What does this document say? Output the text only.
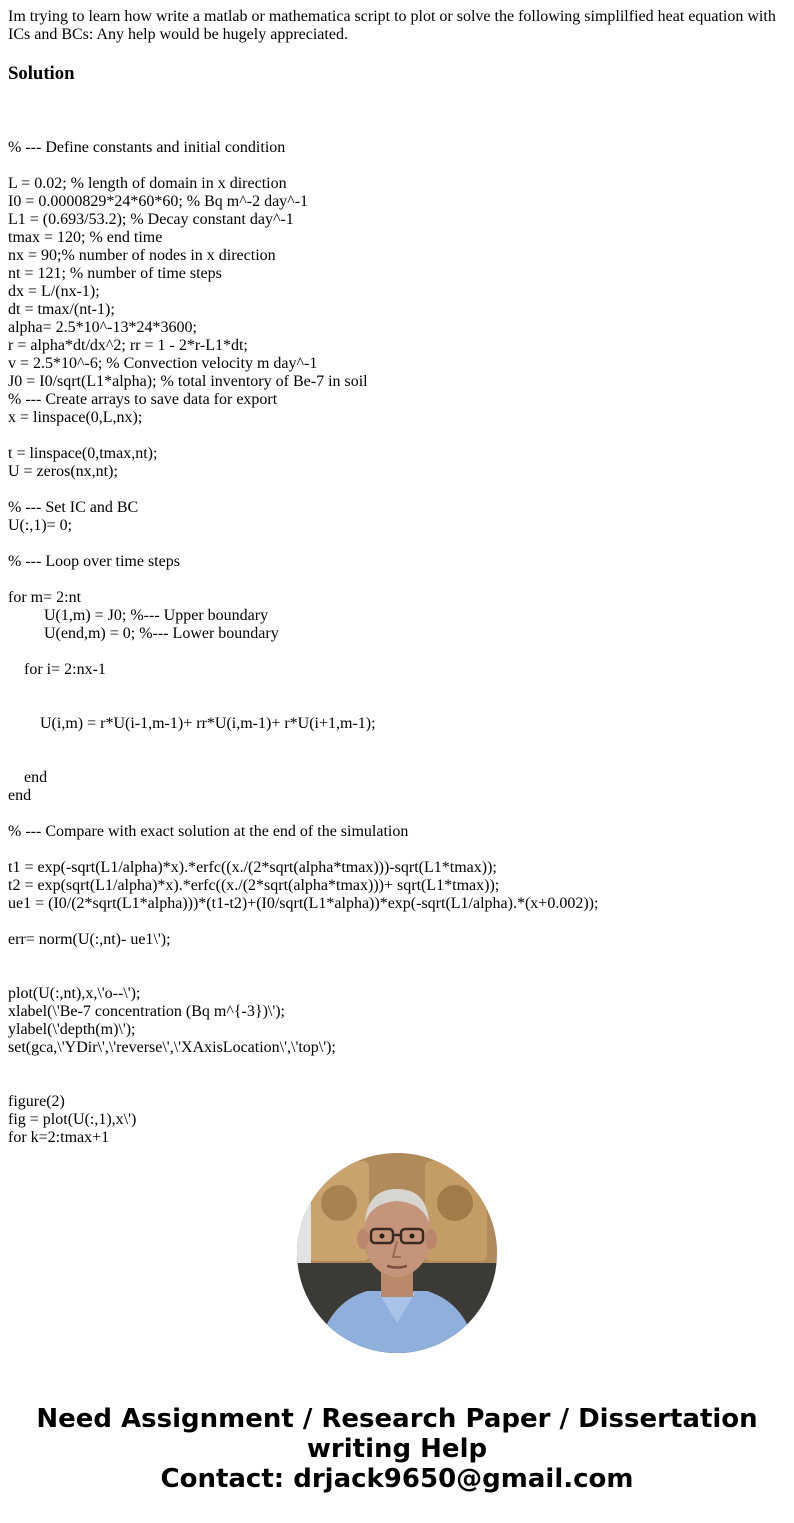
Im trying to learn how write a matlab or mathematica script to plot or solve the following simplilfied heat equation with ICs and BCs: Any help would be hugely appreciated.

Solution
% --- Define constants and initial condition
L = 0.02; % length of domain in x direction
I0 = 0.0000829*24*60*60; % Bq m^-2 day^-1
L1 = (0.693/53.2); % Decay constant day^-1
tmax = 120; % end time
nx = 90;% number of nodes in x direction
nt = 121; % number of time steps
dx = L/(nx-1);
dt = tmax/(nt-1);
alpha= 2.5*10^-13*24*3600;
r = alpha*dt/dx^2; rr = 1 - 2*r-L1*dt;
v = 2.5*10^-6; % Convection velocity m day^-1
J0 = I0/sqrt(L1*alpha); % total inventory of Be-7 in soil
% --- Create arrays to save data for export
x = linspace(0,L,nx);
t = linspace(0,tmax,nt);
U = zeros(nx,nt);
% --- Set IC and BC
U(:,1)= 0;
% --- Loop over time steps
for m= 2:nt
U(1,m) = J0; %--- Upper boundary
U(end,m) = 0; %--- Lower boundary
for i= 2:nx-1
U(i,m) = r*U(i-1,m-1)+ rr*U(i,m-1)+ r*U(i+1,m-1);
end
end
% --- Compare with exact solution at the end of the simulation
t1 = exp(-sqrt(L1/alpha)*x).*erfc((x./(2*sqrt(alpha*tmax)))-sqrt(L1*tmax));
t2 = exp(sqrt(L1/alpha)*x).*erfc((x./(2*sqrt(alpha*tmax)))+ sqrt(L1*tmax));
ue1 = (I0/(2*sqrt(L1*alpha)))*(t1-t2)+(I0/sqrt(L1*alpha))*exp(-sqrt(L1/alpha).*(x+0.002));
err= norm(U(:,nt)- ue1\');
plot(U(:,nt),x,\'o--\');
xlabel(\'Be-7 concentration (Bq m^{-3})\');
ylabel(\'depth(m)\');
set(gca,\'YDir\',\'reverse\',\'XAxisLocation\',\'top\');
figure(2)
fig = plot(U(:,1),x\')
for k=2:tmax+1
Need Assignment / Research Paper / Dissertation
writing Help
Contact: drjack9650@gmail.com
